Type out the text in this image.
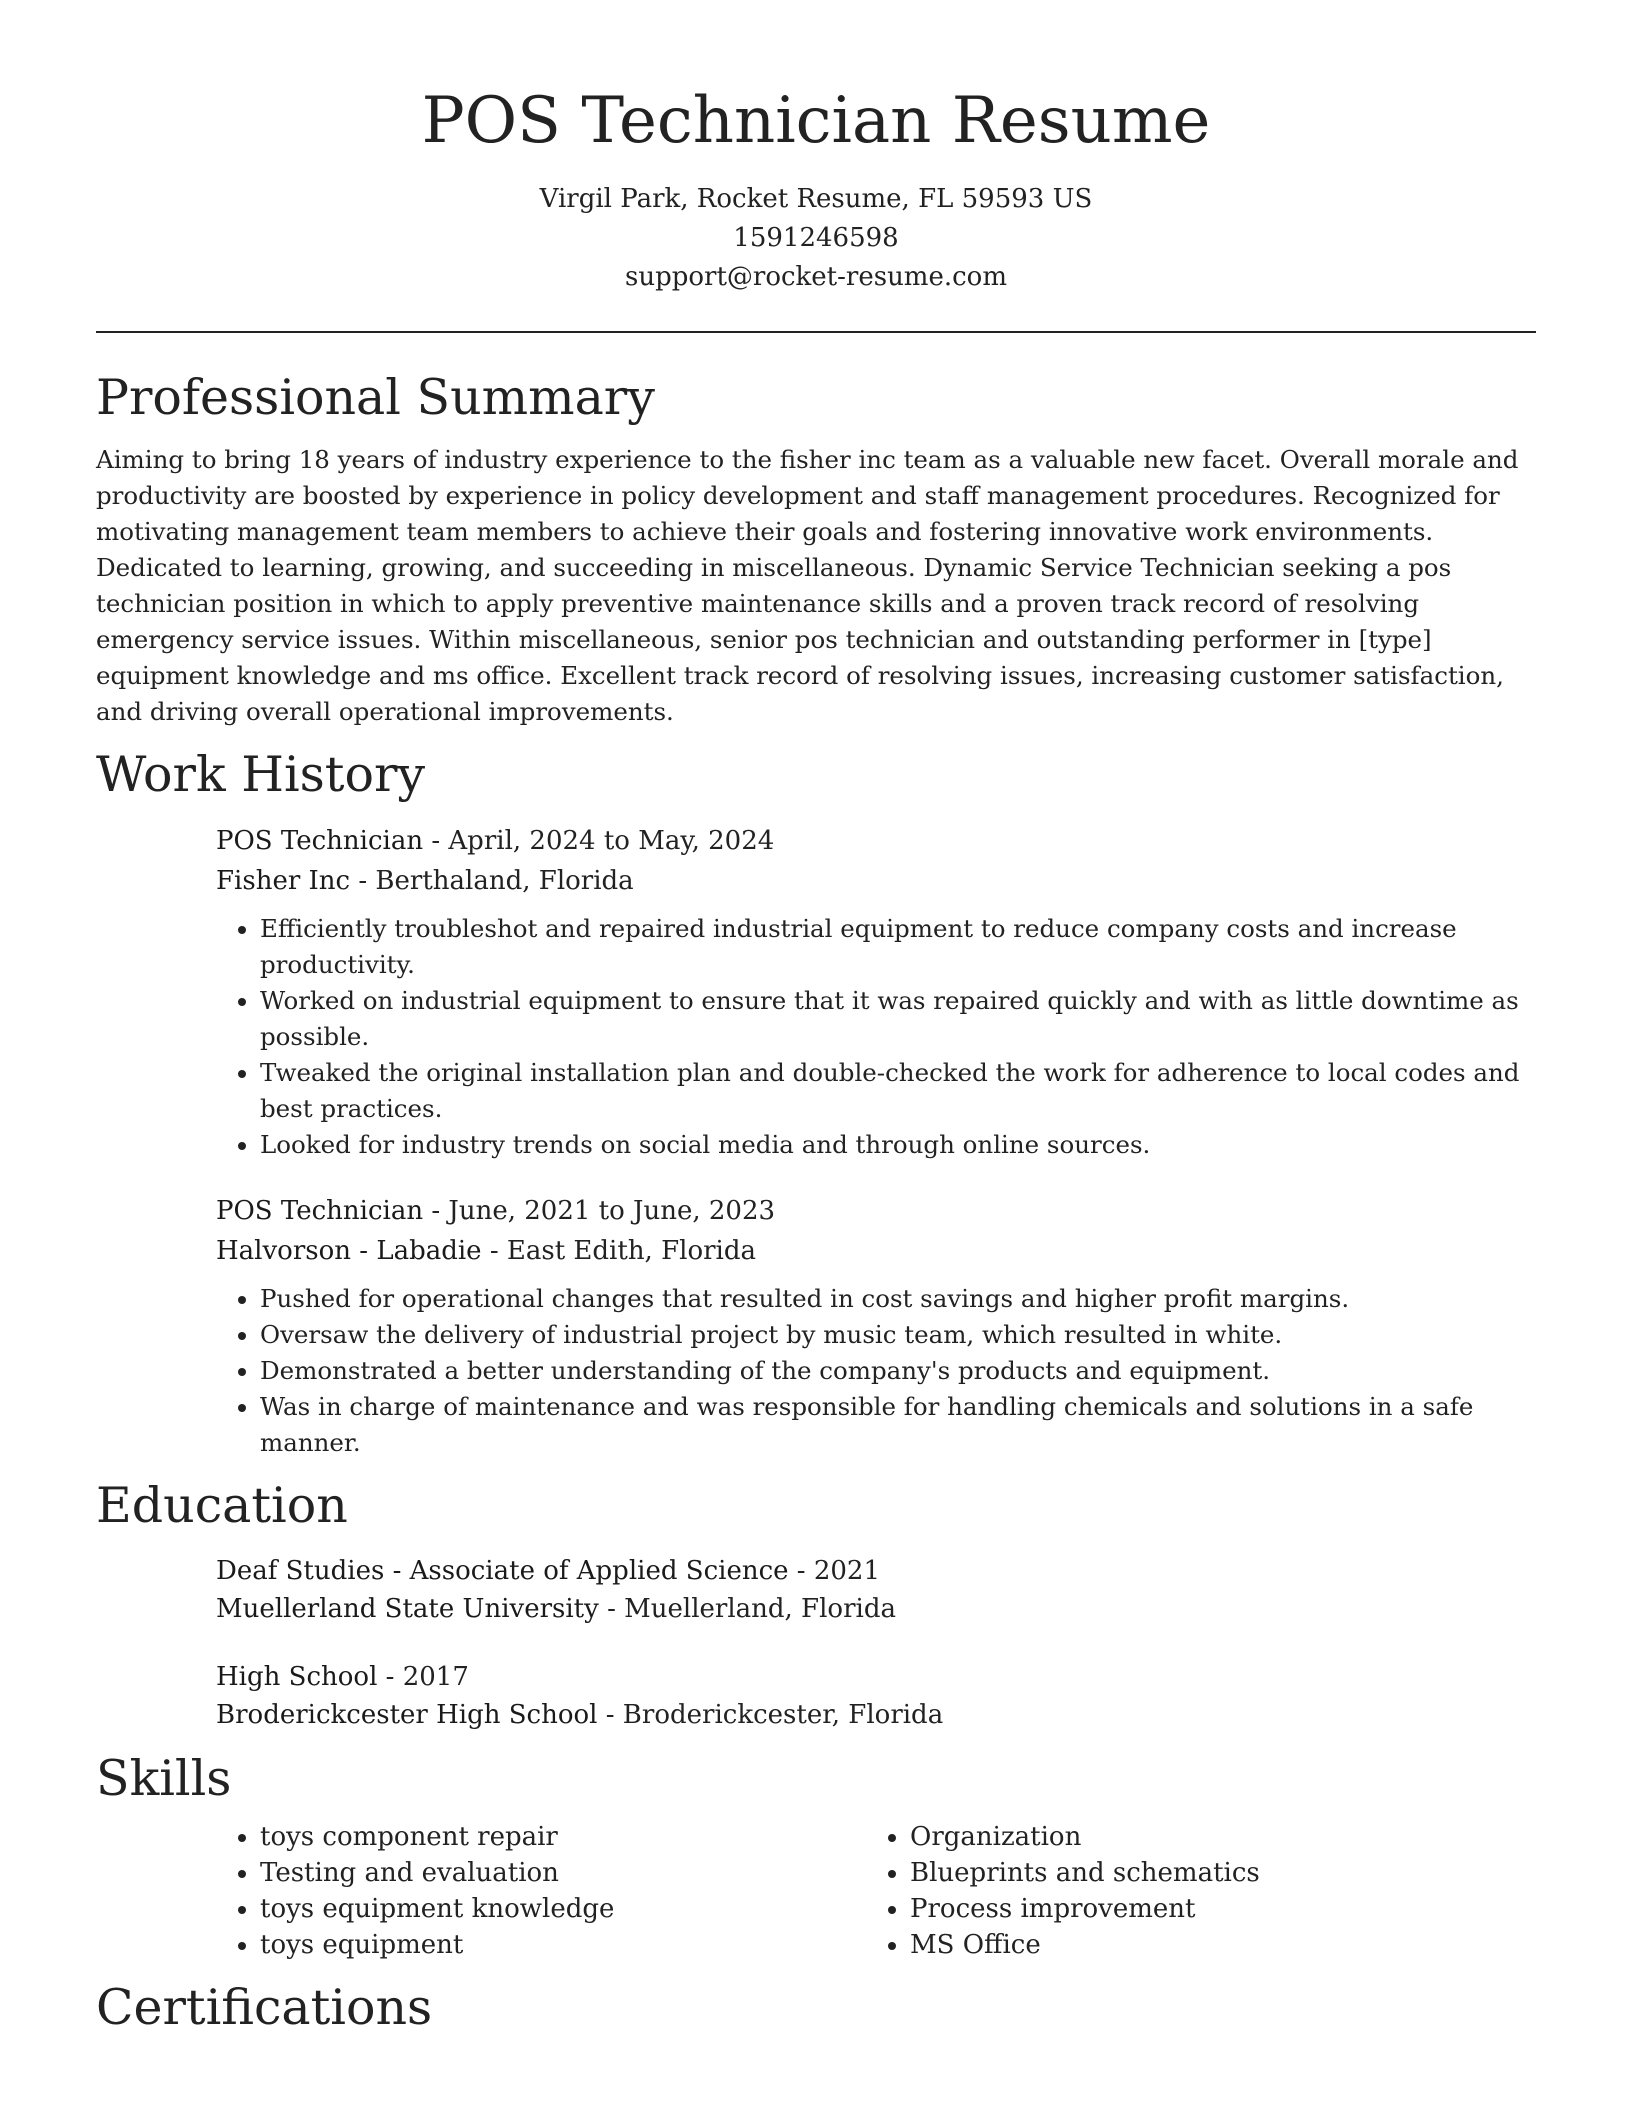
POS Technician Resume
Virgil Park, Rocket Resume, FL 59593 US
1591246598
support@rocket-resume.com
Professional Summary

Aiming to bring 18 years of industry experience to the fisher inc team as a valuable new facet. Overall morale and productivity are boosted by experience in policy development and staff management procedures. Recognized for motivating management team members to achieve their goals and fostering innovative work environments. Dedicated to learning, growing, and succeeding in miscellaneous. Dynamic Service Technician seeking a pos technician position in which to apply preventive maintenance skills and a proven track record of resolving emergency service issues. Within miscellaneous, senior pos technician and outstanding performer in [type] equipment knowledge and ms office. Excellent track record of resolving issues, increasing customer satisfaction, and driving overall operational improvements.

Work History
POS Technician - April, 2024 to May, 2024
Fisher Inc - Berthaland, Florida
• Efficiently troubleshot and repaired industrial equipment to reduce company costs and increase productivity.
• Worked on industrial equipment to ensure that it was repaired quickly and with as little downtime as possible.
• Tweaked the original installation plan and double-checked the work for adherence to local codes and best practices.
• Looked for industry trends on social media and through online sources.
POS Technician - June, 2021 to June, 2023
Halvorson - Labadie - East Edith, Florida
• Pushed for operational changes that resulted in cost savings and higher profit margins.
• Oversaw the delivery of industrial project by music team, which resulted in white.
• Demonstrated a better understanding of the company's products and equipment.
• Was in charge of maintenance and was responsible for handling chemicals and solutions in a safe manner.
Education
Deaf Studies - Associate of Applied Science - 2021
Muellerland State University - Muellerland, Florida
High School - 2017
Broderickcester High School - Broderickcester, Florida
Skills
• toys component repair
• Testing and evaluation
• toys equipment knowledge
• toys equipment
• Organization
• Blueprints and schematics
• Process improvement
• MS Office
Certifications
